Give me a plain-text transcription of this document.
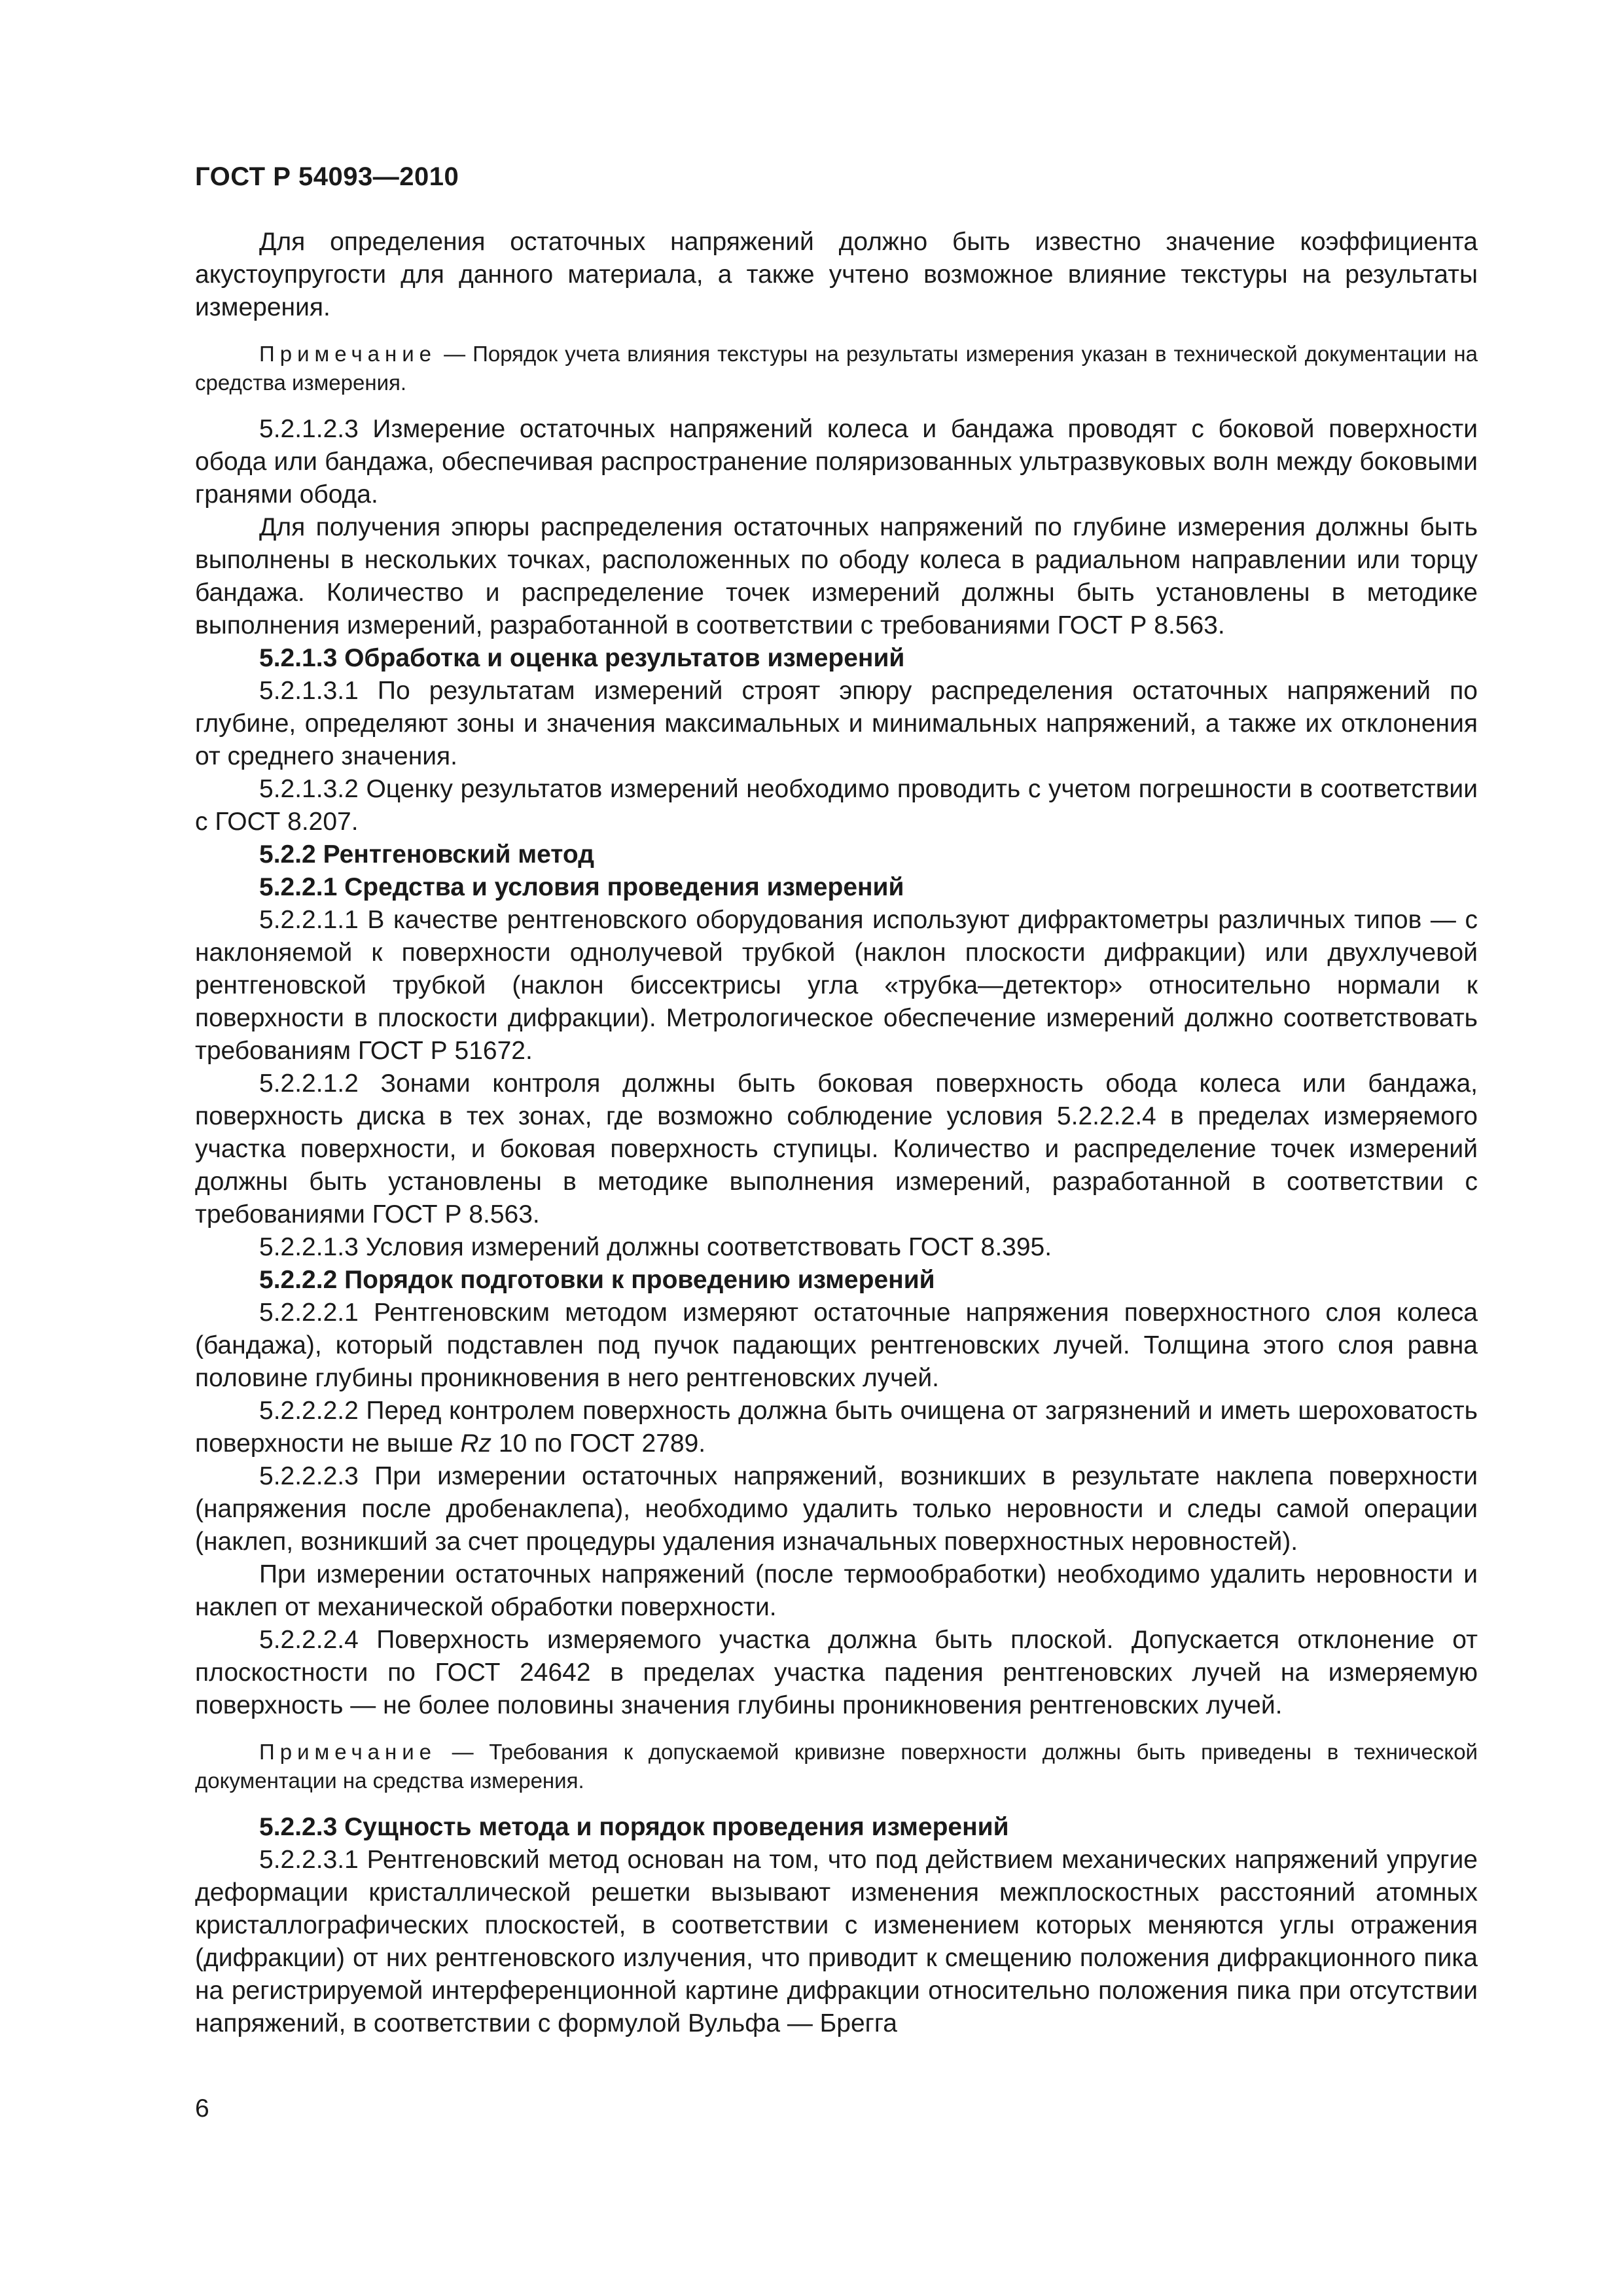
ГОСТ Р 54093—2010
Для определения остаточных напряжений должно быть известно значение коэффициента акустоупругости для данного материала, а также учтено возможное влияние текстуры на результаты измерения.
Примечание — Порядок учета влияния текстуры на результаты измерения указан в технической документации на средства измерения.
5.2.1.2.3 Измерение остаточных напряжений колеса и бандажа проводят с боковой поверхности обода или бандажа, обеспечивая распространение поляризованных ультразвуковых волн между боковыми гранями обода.
Для получения эпюры распределения остаточных напряжений по глубине измерения должны быть выполнены в нескольких точках, расположенных по ободу колеса в радиальном направлении или торцу бандажа. Количество и распределение точек измерений должны быть установлены в методике выполнения измерений, разработанной в соответствии с требованиями ГОСТ Р 8.563.
5.2.1.3 Обработка и оценка результатов измерений
5.2.1.3.1 По результатам измерений строят эпюру распределения остаточных напряжений по глубине, определяют зоны и значения максимальных и минимальных напряжений, а также их отклонения от среднего значения.
5.2.1.3.2 Оценку результатов измерений необходимо проводить с учетом погрешности в соответствии с ГОСТ 8.207.
5.2.2 Рентгеновский метод
5.2.2.1 Средства и условия проведения измерений
5.2.2.1.1 В качестве рентгеновского оборудования используют дифрактометры различных типов — с наклоняемой к поверхности однолучевой трубкой (наклон плоскости дифракции) или двухлучевой рентгеновской трубкой (наклон биссектрисы угла «трубка—детектор» относительно нормали к поверхности в плоскости дифракции). Метрологическое обеспечение измерений должно соответствовать требованиям ГОСТ Р 51672.
5.2.2.1.2 Зонами контроля должны быть боковая поверхность обода колеса или бандажа, поверхность диска в тех зонах, где возможно соблюдение условия 5.2.2.2.4 в пределах измеряемого участка поверхности, и боковая поверхность ступицы. Количество и распределение точек измерений должны быть установлены в методике выполнения измерений, разработанной в соответствии с требованиями ГОСТ Р 8.563.
5.2.2.1.3 Условия измерений должны соответствовать ГОСТ 8.395.
5.2.2.2 Порядок подготовки к проведению измерений
5.2.2.2.1 Рентгеновским методом измеряют остаточные напряжения поверхностного слоя колеса (бандажа), который подставлен под пучок падающих рентгеновских лучей. Толщина этого слоя равна половине глубины проникновения в него рентгеновских лучей.
5.2.2.2.2 Перед контролем поверхность должна быть очищена от загрязнений и иметь шероховатость поверхности не выше Rz 10 по ГОСТ 2789.
5.2.2.2.3 При измерении остаточных напряжений, возникших в результате наклепа поверхности (напряжения после дробенаклепа), необходимо удалить только неровности и следы самой операции (наклеп, возникший за счет процедуры удаления изначальных поверхностных неровностей).
При измерении остаточных напряжений (после термообработки) необходимо удалить неровности и наклеп от механической обработки поверхности.
5.2.2.2.4 Поверхность измеряемого участка должна быть плоской. Допускается отклонение от плоскостности по ГОСТ 24642 в пределах участка падения рентгеновских лучей на измеряемую поверхность — не более половины значения глубины проникновения рентгеновских лучей.
Примечание — Требования к допускаемой кривизне поверхности должны быть приведены в технической документации на средства измерения.
5.2.2.3 Сущность метода и порядок проведения измерений
5.2.2.3.1 Рентгеновский метод основан на том, что под действием механических напряжений упругие деформации кристаллической решетки вызывают изменения межплоскостных расстояний атомных кристаллографических плоскостей, в соответствии с изменением которых меняются углы отражения (дифракции) от них рентгеновского излучения, что приводит к смещению положения дифракционного пика на регистрируемой интерференционной картине дифракции относительно положения пика при отсутствии напряжений, в соответствии с формулой Вульфа — Брегга
6
